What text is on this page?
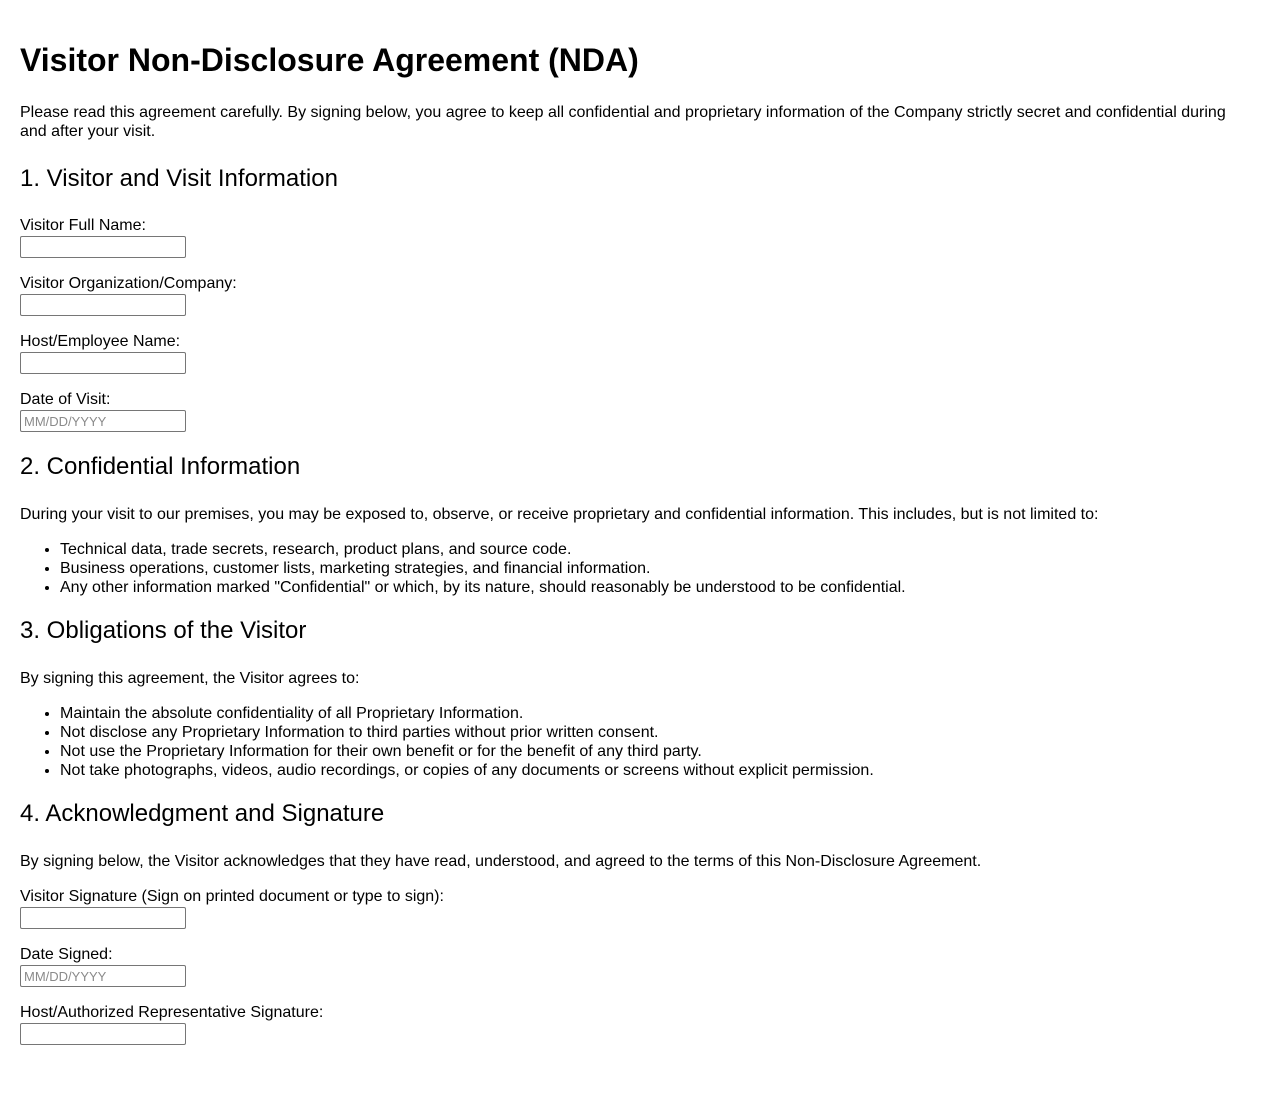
Visitor Non-Disclosure Agreement (NDA)

Please read this agreement carefully. By signing below, you agree to keep all confidential and proprietary information of the Company strictly secret and confidential during and after your visit.

1. Visitor and Visit Information
Visitor Full Name:
Visitor Organization/Company:
Host/Employee Name:
Date of Visit:
MM/DD/YYYY
2. Confidential Information

During your visit to our premises, you may be exposed to, observe, or receive proprietary and confidential information. This includes, but is not limited to:

• Technical data, trade secrets, research, product plans, and source code.
• Business operations, customer lists, marketing strategies, and financial information.
• Any other information marked "Confidential" or which, by its nature, should reasonably be understood to be confidential.
3. Obligations of the Visitor

By signing this agreement, the Visitor agrees to:

• Maintain the absolute confidentiality of all Proprietary Information.
• Not disclose any Proprietary Information to third parties without prior written consent.
• Not use the Proprietary Information for their own benefit or for the benefit of any third party.
• Not take photographs, videos, audio recordings, or copies of any documents or screens without explicit permission.
4. Acknowledgment and Signature

By signing below, the Visitor acknowledges that they have read, understood, and agreed to the terms of this Non-Disclosure Agreement.

Visitor Signature (Sign on printed document or type to sign):
Date Signed:
MM/DD/YYYY
Host/Authorized Representative Signature:
